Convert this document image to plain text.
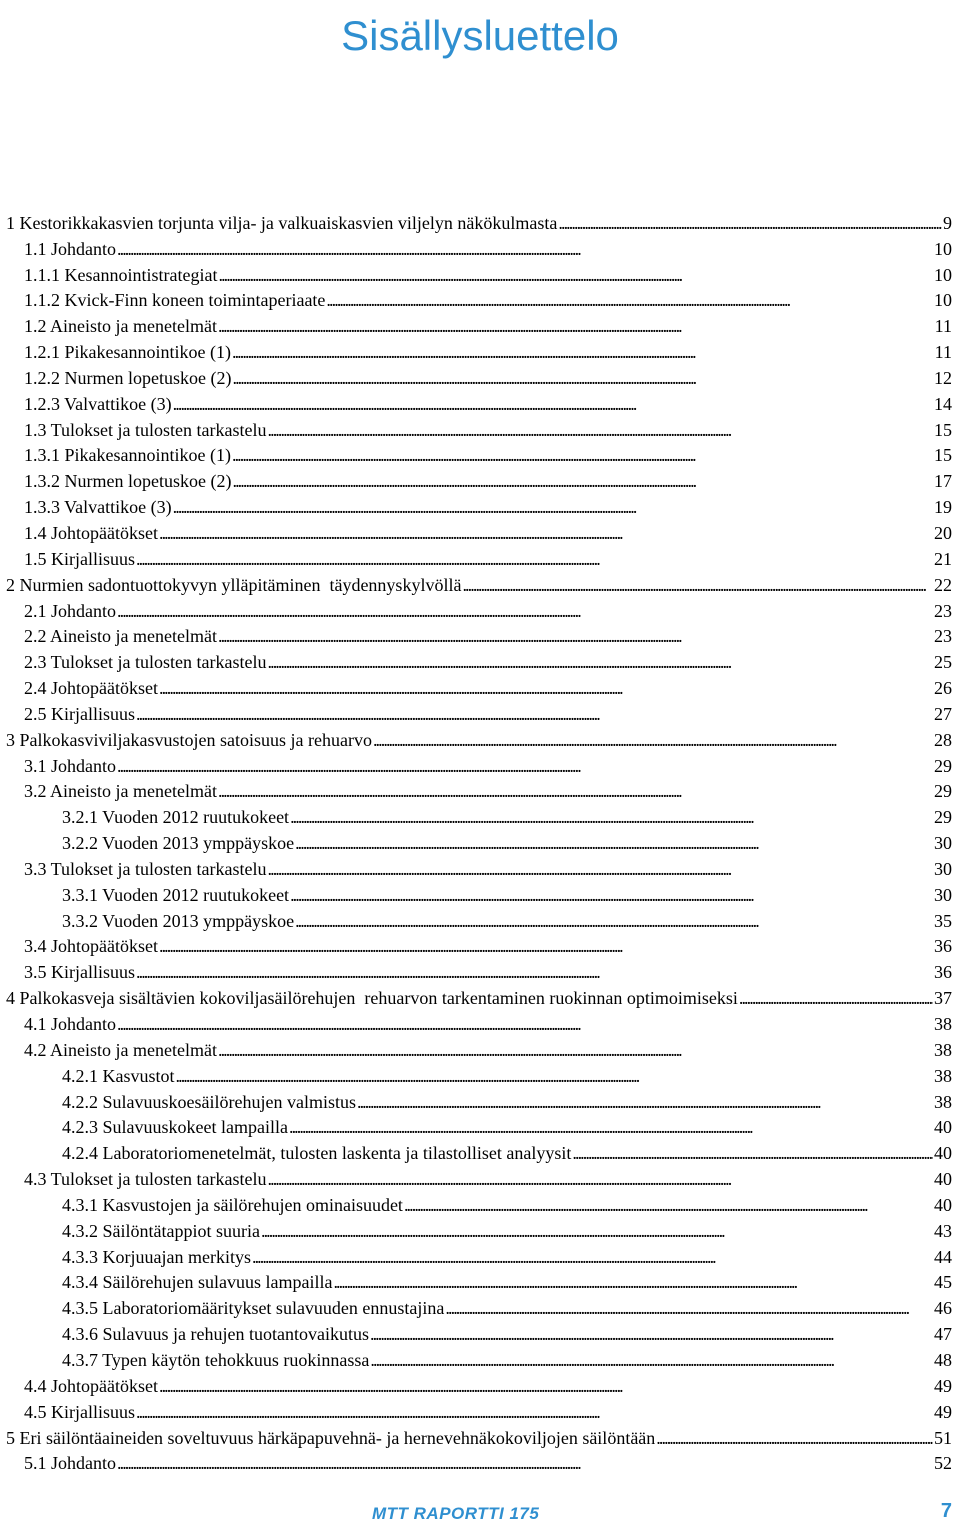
Sisällysluettelo
1 Kestorikkakasvien torjunta vilja- ja valkuaiskasvien viljelyn näkökulmasta . . .	9
1.1 Johdanto . . .	10
1.1.1 Kesannointistrategiat . . .	10
1.1.2 Kvick-Finn koneen toimintaperiaate . . .	10
1.2 Aineisto ja menetelmät . . .	11
1.2.1 Pikakesannointikoe (1) . . .	11
1.2.2 Nurmen lopetuskoe (2) . . .	12
1.2.3 Valvattikoe (3) . . .	14
1.3 Tulokset ja tulosten tarkastelu . . .	15
1.3.1 Pikakesannointikoe (1) . . .	15
1.3.2 Nurmen lopetuskoe (2) . . .	17
1.3.3 Valvattikoe (3) . . .	19
1.4 Johtopäätökset . . .	20
1.5 Kirjallisuus . . .	21
2 Nurmien sadontuottokyvyn ylläpitäminen  täydennyskylvöllä . . .	22
2.1 Johdanto . . .	23
2.2 Aineisto ja menetelmät . . .	23
2.3 Tulokset ja tulosten tarkastelu . . .	25
2.4 Johtopäätökset . . .	26
2.5 Kirjallisuus . . .	27
3 Palkokasviviljakasvustojen satoisuus ja rehuarvo . . .	28
3.1 Johdanto . . .	29
3.2 Aineisto ja menetelmät . . .	29
3.2.1 Vuoden 2012 ruutukokeet . . .	29
3.2.2 Vuoden 2013 ymppäyskoe . . .	30
3.3 Tulokset ja tulosten tarkastelu . . .	30
3.3.1 Vuoden 2012 ruutukokeet . . .	30
3.3.2 Vuoden 2013 ymppäyskoe . . .	35
3.4 Johtopäätökset . . .	36
3.5 Kirjallisuus . . .	36
4 Palkokasveja sisältävien kokoviljasäilörehujen  rehuarvon tarkentaminen ruokinnan optimoimiseksi . . .	37
4.1 Johdanto . . .	38
4.2 Aineisto ja menetelmät . . .	38
4.2.1 Kasvustot . . .	38
4.2.2 Sulavuuskoesäilörehujen valmistus . . .	38
4.2.3 Sulavuuskokeet lampailla . . .	40
4.2.4 Laboratoriomenetelmät, tulosten laskenta ja tilastolliset analyysit . . .	40
4.3 Tulokset ja tulosten tarkastelu . . .	40
4.3.1 Kasvustojen ja säilörehujen ominaisuudet . . .	40
4.3.2 Säilöntätappiot suuria . . .	43
4.3.3 Korjuuajan merkitys . . .	44
4.3.4 Säilörehujen sulavuus lampailla . . .	45
4.3.5 Laboratoriomääritykset sulavuuden ennustajina . . .	46
4.3.6 Sulavuus ja rehujen tuotantovaikutus . . .	47
4.3.7 Typen käytön tehokkuus ruokinnassa . . .	48
4.4 Johtopäätökset . . .	49
4.5 Kirjallisuus . . .	49
5 Eri säilöntäaineiden soveltuvuus härkäpapuvehnä- ja hernevehnäkokoviljojen säilöntään . . .	51
5.1 Johdanto . . .	52
MTT RAPORTTI 175	7
